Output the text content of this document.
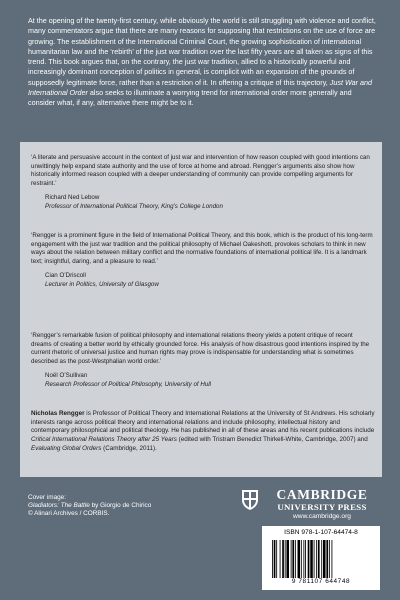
At the opening of the twenty-first century, while obviously the world is still struggling with violence and conflict, many commentators argue that there are many reasons for supposing that restrictions on the use of force are growing. The establishment of the International Criminal Court, the growing sophistication of international humanitarian law and the ‘rebirth’ of the just war tradition over the last fifty years are all taken as signs of this trend. This book argues that, on the contrary, the just war tradition, allied to a historically powerful and increasingly dominant conception of politics in general, is complicit with an expansion of the grounds of supposedly legitimate force, rather than a restriction of it. In offering a critique of this trajectory, Just War and International Order also seeks to illuminate a worrying trend for international order more generally and consider what, if any, alternative there might be to it.

‘A literate and persuasive account in the context of just war and intervention of how reason coupled with good intentions can unwittingly help expand state authority and the use of force at home and abroad. Rengger’s arguments also show how historically informed reason coupled with a deeper understanding of community can provide compelling arguments for restraint.’

Richard Ned Lebow
Professor of International Political Theory, King’s College London

‘Rengger is a prominent figure in the field of International Political Theory, and this book, which is the product of his long-term engagement with the just war tradition and the political philosophy of Michael Oakeshott, provokes scholars to think in new ways about the relation between military conflict and the normative foundations of international political life. It is a landmark text; insightful, daring, and a pleasure to read.’

Cian O’Driscoll
Lecturer in Politics, University of Glasgow

‘Rengger’s remarkable fusion of political philosophy and international relations theory yields a potent critique of recent dreams of creating a better world by ethically grounded force. His analysis of how disastrous good intentions inspired by the current rhetoric of universal justice and human rights may prove is indispensable for understanding what is sometimes described as the post-Westphalian world order.’

Noël O’Sullivan
Research Professor of Political Philosophy, University of Hull
Nicholas Rengger is Professor of Political Theory and International Relations at the University of St Andrews. His scholarly interests range across political theory and international relations and include philosophy, intellectual history and contemporary philosophical and political theology. He has published in all of these areas and his recent publications include Critical International Relations Theory after 25 Years (edited with Tristram Benedict Thirkell-White, Cambridge, 2007) and Evaluating Global Orders (Cambridge, 2011).
Cover image:
Gladiators: The Battle by Giorgio de Chirico
© Alinari Archives / CORBIS.
CAMBRIDGE
UNIVERSITY PRESS
www.cambridge.org
ISBN 978-1-107-64474-8
9 781107 644748
